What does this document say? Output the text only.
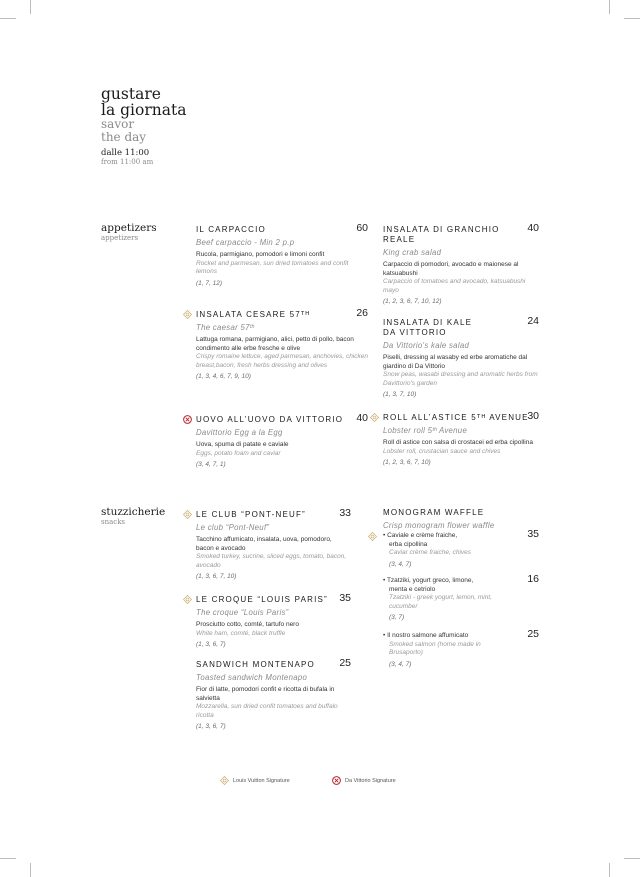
gustare
la giornata
savor
the day
dalle 11:00
from 11:00 am
appetizers
appetizers
IL CARPACCIO	60
Beef carpaccio - Min 2 p.p
Rucola, parmigiano, pomodori e limoni confit
Rocket and parmesan, sun dried tomatoes and confit lemons
(1, 7, 12)
INSALATA CESARE 57ᵀᴴ	26
The caesar 57ᵗʰ
Lattuga romana, parmigiano, alici, petto di pollo, bacon condimento alle erbe fresche e olive
Crispy romaine lettuce, aged parmesan, anchovies, chicken breast,bacon, fresh herbs dressing and olives
(1, 3, 4, 6, 7, 9, 10)
UOVO ALL’UOVO DA VITTORIO 40
Davittorio Egg a la Egg
Uova, spuma di patate e caviale
Eggs, potato foam and caviar
(3, 4, 7, 1)
INSALATA DI GRANCHIO	40
REALE
King crab salad
Carpaccio di pomodori, avocado e maionese al katsuabushi
Carpaccio of tomatoes and avocado, katsuabushi mayo
(1, 2, 3, 6, 7, 10, 12)
INSALATA DI KALE	24
DA VITTORIO
Da Vittorio's kale salad
Piselli, dressing al wasaby ed erbe aromatiche dal giardino di Da Vittorio
Snow peas, wasabi dressing and aromatic herbs from Davittorio's garden
(1, 3, 7, 10)
ROLL ALL’ASTICE 5ᵀᴴ AVENUE
30
Lobster roll 5ᵗʰ Avenue
Roll di astice con salsa di crostacei ed erba cipollina
Lobster roll, crustacian sauce and chives
(1, 2, 3, 6, 7, 10)
stuzzicherie
snacks
LE CLUB “PONT-NEUF”	33
Le club “Pont-Neuf”
Tacchino affumicato, insalata, uova, pomodoro, bacon e avocado
Smoked turkey, sucrine, sliced eggs, tomato, bacon, avocado
(1, 3, 6, 7, 10)
LE CROQUE “LOUIS PARIS” 35
The croque “Louis Paris”
Prosciutto cotto, comté, tartufo nero
White ham, comté, black truffle
(1, 3, 6, 7)
SANDWICH MONTENAPO 25
Toasted sandwich Montenapo
Fior di latte, pomodori confit e ricotta di bufala in salvietta
Mozzarella, sun dried confit tomatoes and buffalo ricotta
(1, 3, 6, 7)
MONOGRAM WAFFLE
Crisp monogram flower waffle
• Caviale e crème fraiche,	35
erba cipollina
Caviar crème fraiche, chives
(3, 4, 7)
• Tzatziki, yogurt greco, limone,	16
menta e cetriolo
Tzatziki - greek yogurt, lemon, mint, cucumber
(3, 7)
• Il nostro salmone affumicato	25
Smoked salmon (home made in Brusaporto)
(3, 4, 7)
Louis Vuitton Signature	Da Vittorio Signature
